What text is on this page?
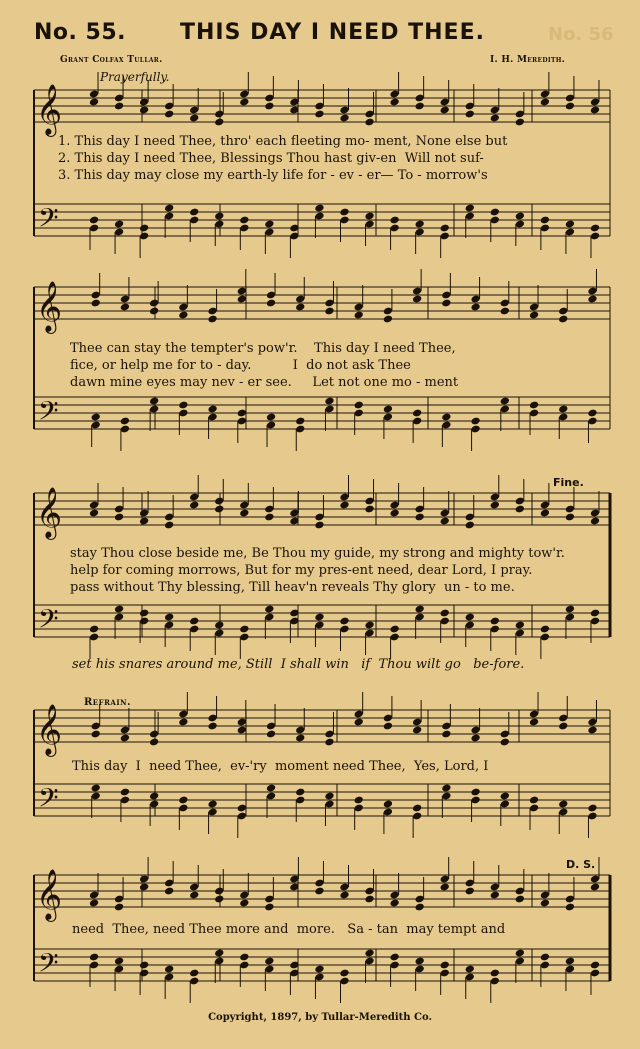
No. 55. THIS DAY I NEED THEE.	No. 56
Grant Colfax Tullar.	I. H. Meredith.
Prayerfully.
𝄞
𝄢
𝄞
𝄢
𝄞
𝄢
𝄞
𝄢
𝄞
𝄢
1. This day I need Thee, thro' each fleeting mo- ment, None else but
2. This day I need Thee, Blessings Thou hast giv-en  Will not suf-
3. This day may close my earth-ly life for - ev - er— To - morrow's
Thee can stay the tempter's pow'r.    This day I need Thee,
fice, or help me for to - day.          I  do not ask Thee
dawn mine eyes may nev - er see.     Let not one mo - ment
stay Thou close beside me, Be Thou my guide, my strong and mighty tow'r.
help for coming morrows, But for my pres-ent need, dear Lord, I pray.
pass without Thy blessing, Till heav'n reveals Thy glory  un - to me.
set his snares around me, Still  I shall win   if  Thou wilt go   be-fore.
Fine.
Refrain.
This day  I  need Thee,  ev-'ry  moment need Thee,  Yes, Lord, I
need  Thee, need Thee more and  more.   Sa - tan  may tempt and
D. S.
Copyright, 1897, by Tullar-Meredith Co.
